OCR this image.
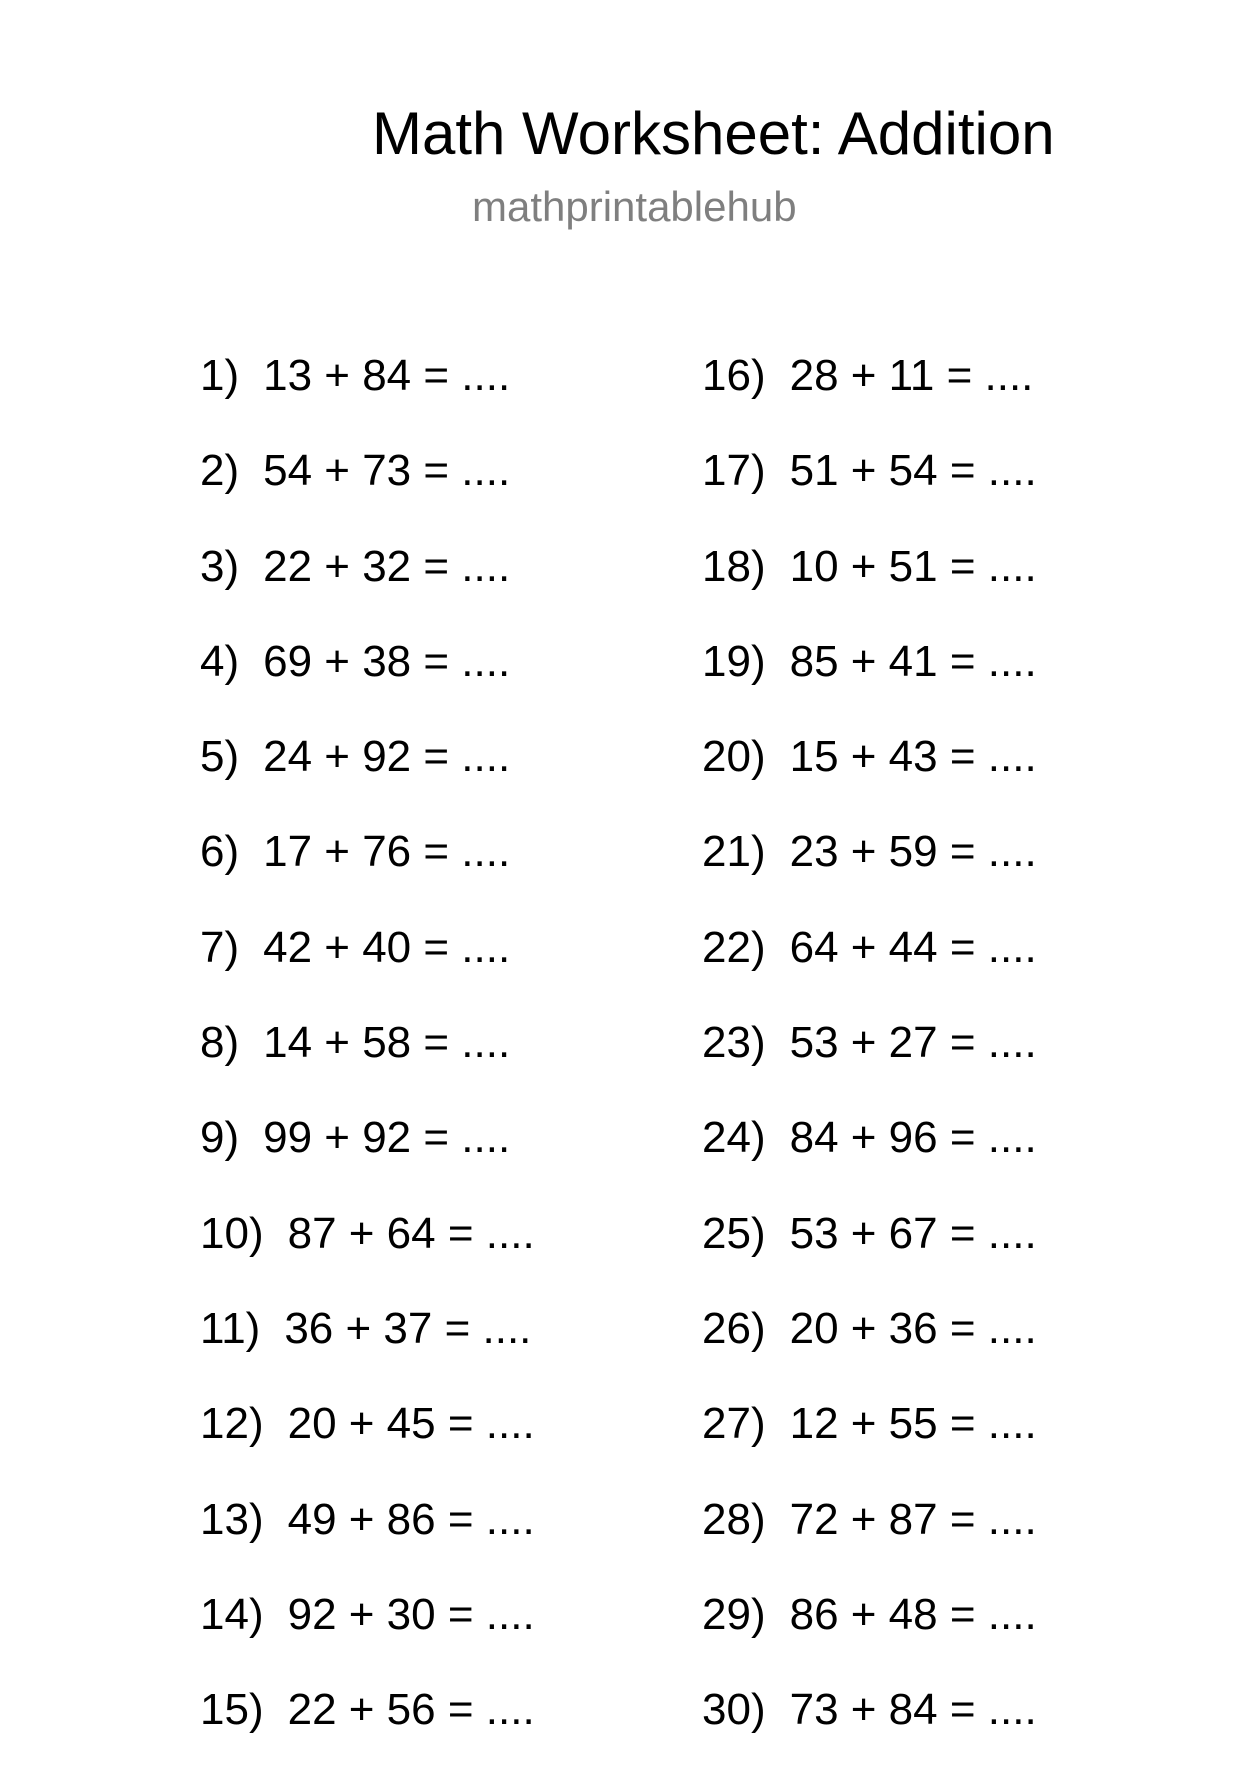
Math Worksheet: Addition

mathprintablehub

1) 13 + 84 = ....
2) 54 + 73 = ....
3) 22 + 32 = ....
4) 69 + 38 = ....
5) 24 + 92 = ....
6) 17 + 76 = ....
7) 42 + 40 = ....
8) 14 + 58 = ....
9) 99 + 92 = ....
10) 87 + 64 = ....
11) 36 + 37 = ....
12) 20 + 45 = ....
13) 49 + 86 = ....
14) 92 + 30 = ....
15) 22 + 56 = ....
16) 28 + 11 = ....
17) 51 + 54 = ....
18) 10 + 51 = ....
19) 85 + 41 = ....
20) 15 + 43 = ....
21) 23 + 59 = ....
22) 64 + 44 = ....
23) 53 + 27 = ....
24) 84 + 96 = ....
25) 53 + 67 = ....
26) 20 + 36 = ....
27) 12 + 55 = ....
28) 72 + 87 = ....
29) 86 + 48 = ....
30) 73 + 84 = ....
